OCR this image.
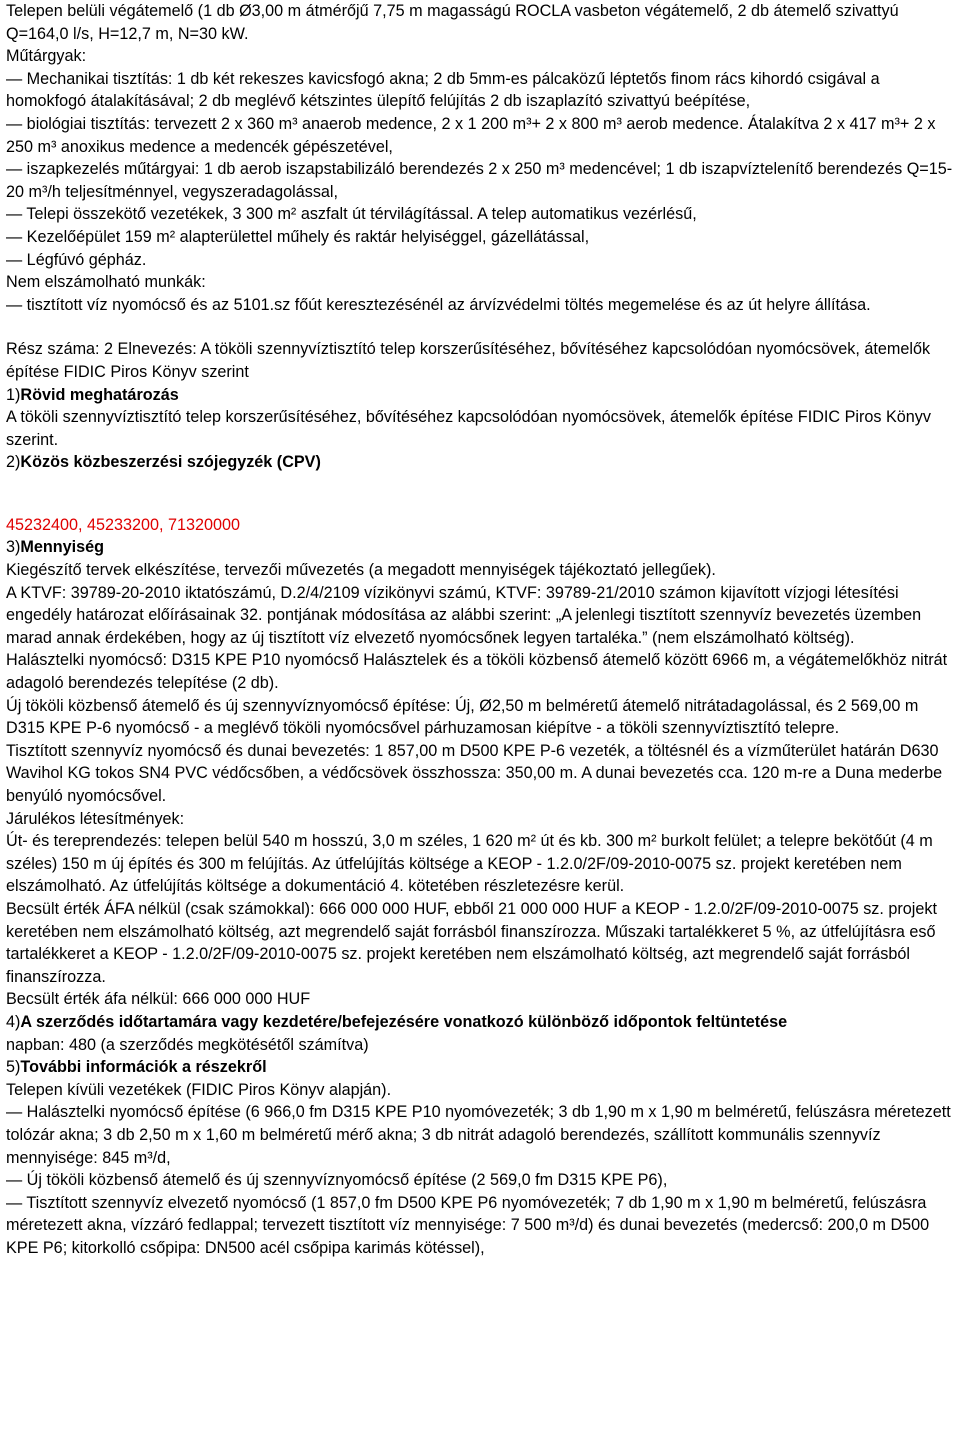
Telepen belüli végátemelő (1 db Ø3,00 m átmérőjű 7,75 m magasságú ROCLA vasbeton végátemelő, 2 db átemelő szivattyú Q=164,0 l/s, H=12,7 m, N=30 kW.

Műtárgyak:

— Mechanikai tisztítás: 1 db két rekeszes kavicsfogó akna; 2 db 5mm-es pálcaközű léptetős finom rács kihordó csigával a homokfogó átalakításával; 2 db meglévő kétszintes ülepítő felújítás 2 db iszaplazító szivattyú beépítése,

— biológiai tisztítás: tervezett 2 x 360 m³ anaerob medence, 2 x 1 200 m³+ 2 x 800 m³ aerob medence. Átalakítva 2 x 417 m³+ 2 x 250 m³ anoxikus medence a medencék gépészetével,

— iszapkezelés műtárgyai: 1 db aerob iszapstabilizáló berendezés 2 x 250 m³ medencével; 1 db iszapvíztelenítő berendezés Q=15-20 m³/h teljesítménnyel, vegyszeradagolással,

— Telepi összekötő vezetékek, 3 300 m² aszfalt út térvilágítással. A telep automatikus vezérlésű,

— Kezelőépület 159 m² alapterülettel műhely és raktár helyiséggel, gázellátással,

— Légfúvó gépház.

Nem elszámolható munkák:

— tisztított víz nyomócső és az 5101.sz főút keresztezésénél az árvízvédelmi töltés megemelése és az út helyre állítása.

Rész száma: 2 Elnevezés: A tököli szennyvíztisztító telep korszerűsítéséhez, bővítéséhez kapcsolódóan nyomócsövek, átemelők építése FIDIC Piros Könyv szerint

1)Rövid meghatározás

A tököli szennyvíztisztító telep korszerűsítéséhez, bővítéséhez kapcsolódóan nyomócsövek, átemelők építése FIDIC Piros Könyv szerint.

2)Közös közbeszerzési szójegyzék (CPV)

45232400, 45233200, 71320000

3)Mennyiség

Kiegészítő tervek elkészítése, tervezői művezetés (a megadott mennyiségek tájékoztató jellegűek).

A KTVF: 39789-20-2010 iktatószámú, D.2/4/2109 vízikönyvi számú, KTVF: 39789-21/2010 számon kijavított vízjogi létesítési engedély határozat előírásainak 32. pontjának módosítása az alábbi szerint: „A jelenlegi tisztított szennyvíz bevezetés üzemben marad annak érdekében, hogy az új tisztított víz elvezető nyomócsőnek legyen tartaléka.” (nem elszámolható költség).

Halásztelki nyomócső: D315 KPE P10 nyomócső Halásztelek és a tököli közbenső átemelő között 6966 m, a végátemelőkhöz nitrát adagoló berendezés telepítése (2 db).

Új tököli közbenső átemelő és új szennyvíznyomócső építése: Új, Ø2,50 m belméretű átemelő nitrátadagolással, és 2 569,00 m D315 KPE P-6 nyomócső - a meglévő tököli nyomócsővel párhuzamosan kiépítve - a tököli szennyvíztisztító telepre.

Tisztított szennyvíz nyomócső és dunai bevezetés: 1 857,00 m D500 KPE P-6 vezeték, a töltésnél és a vízműterület határán D630 Wavihol KG tokos SN4 PVC védőcsőben, a védőcsövek összhossza: 350,00 m. A dunai bevezetés cca. 120 m-re a Duna mederbe benyúló nyomócsővel.

Járulékos létesítmények:

Út- és tereprendezés: telepen belül 540 m hosszú, 3,0 m széles, 1 620 m² út és kb. 300 m² burkolt felület; a telepre bekötőút (4 m széles) 150 m új építés és 300 m felújítás. Az útfelújítás költsége a KEOP - 1.2.0/2F/09-2010-0075 sz. projekt keretében nem elszámolható. Az útfelújítás költsége a dokumentáció 4. kötetében részletezésre kerül.

Becsült érték ÁFA nélkül (csak számokkal): 666 000 000 HUF, ebből 21 000 000 HUF a KEOP - 1.2.0/2F/09-2010-0075 sz. projekt keretében nem elszámolható költség, azt megrendelő saját forrásból finanszírozza. Műszaki tartalékkeret 5 %, az útfelújításra eső tartalékkeret a KEOP - 1.2.0/2F/09-2010-0075 sz. projekt keretében nem elszámolható költség, azt megrendelő saját forrásból finanszírozza.

Becsült érték áfa nélkül: 666 000 000 HUF

4)A szerződés időtartamára vagy kezdetére/befejezésére vonatkozó különböző időpontok feltüntetése

napban: 480 (a szerződés megkötésétől számítva)

5)További információk a részekről

Telepen kívüli vezetékek (FIDIC Piros Könyv alapján).

— Halásztelki nyomócső építése (6 966,0 fm D315 KPE P10 nyomóvezeték; 3 db 1,90 m x 1,90 m belméretű, felúszásra méretezett tolózár akna; 3 db 2,50 m x 1,60 m belméretű mérő akna; 3 db nitrát adagoló berendezés, szállított kommunális szennyvíz mennyisége: 845 m³/d,

— Új tököli közbenső átemelő és új szennyvíznyomócső építése (2 569,0 fm D315 KPE P6),

— Tisztított szennyvíz elvezető nyomócső (1 857,0 fm D500 KPE P6 nyomóvezeték; 7 db 1,90 m x 1,90 m belméretű, felúszásra méretezett akna, vízzáró fedlappal; tervezett tisztított víz mennyisége: 7 500 m³/d) és dunai bevezetés (medercső: 200,0 m D500 KPE P6; kitorkolló csőpipa: DN500 acél csőpipa karimás kötéssel),
